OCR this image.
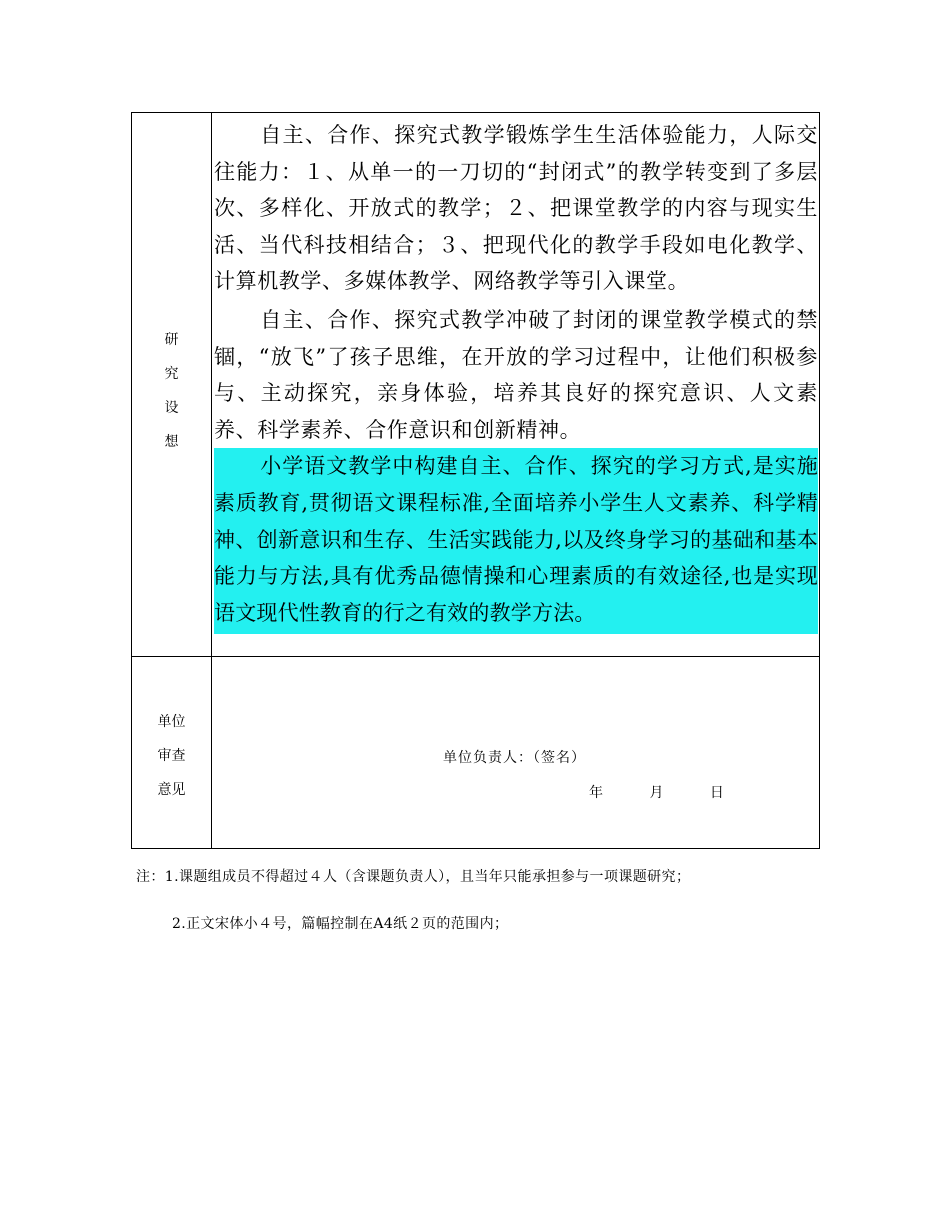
研
究
设
想

自主、合作、探究式教学锻炼学生生活体验能力，人际交往能力：１、从单一的一刀切的“封闭式”的教学转变到了多层次、多样化、开放式的教学；２、把课堂教学的内容与现实生活、当代科技相结合；３、把现代化的教学手段如电化教学、计算机教学、多媒体教学、网络教学等引入课堂。

自主、合作、探究式教学冲破了封闭的课堂教学模式的禁锢，“放飞”了孩子思维，在开放的学习过程中，让他们积极参与、主动探究，亲身体验，培养其良好的探究意识、人文素养、科学素养、合作意识和创新精神。

小学语文教学中构建自主、合作、探究的学习方式,是实施素质教育,贯彻语文课程标准,全面培养小学生人文素养、科学精神、创新意识和生存、生活实践能力,以及终身学习的基础和基本能力与方法,具有优秀品德情操和心理素质的有效途径,也是实现语文现代性教育的行之有效的教学方法。

单位
审查
意见
单位负责人：（签名）
年	月	日
注：1.课题组成员不得超过４人（含课题负责人），且当年只能承担参与一项课题研究；
2.正文宋体小４号，篇幅控制在A4纸２页的范围内；
